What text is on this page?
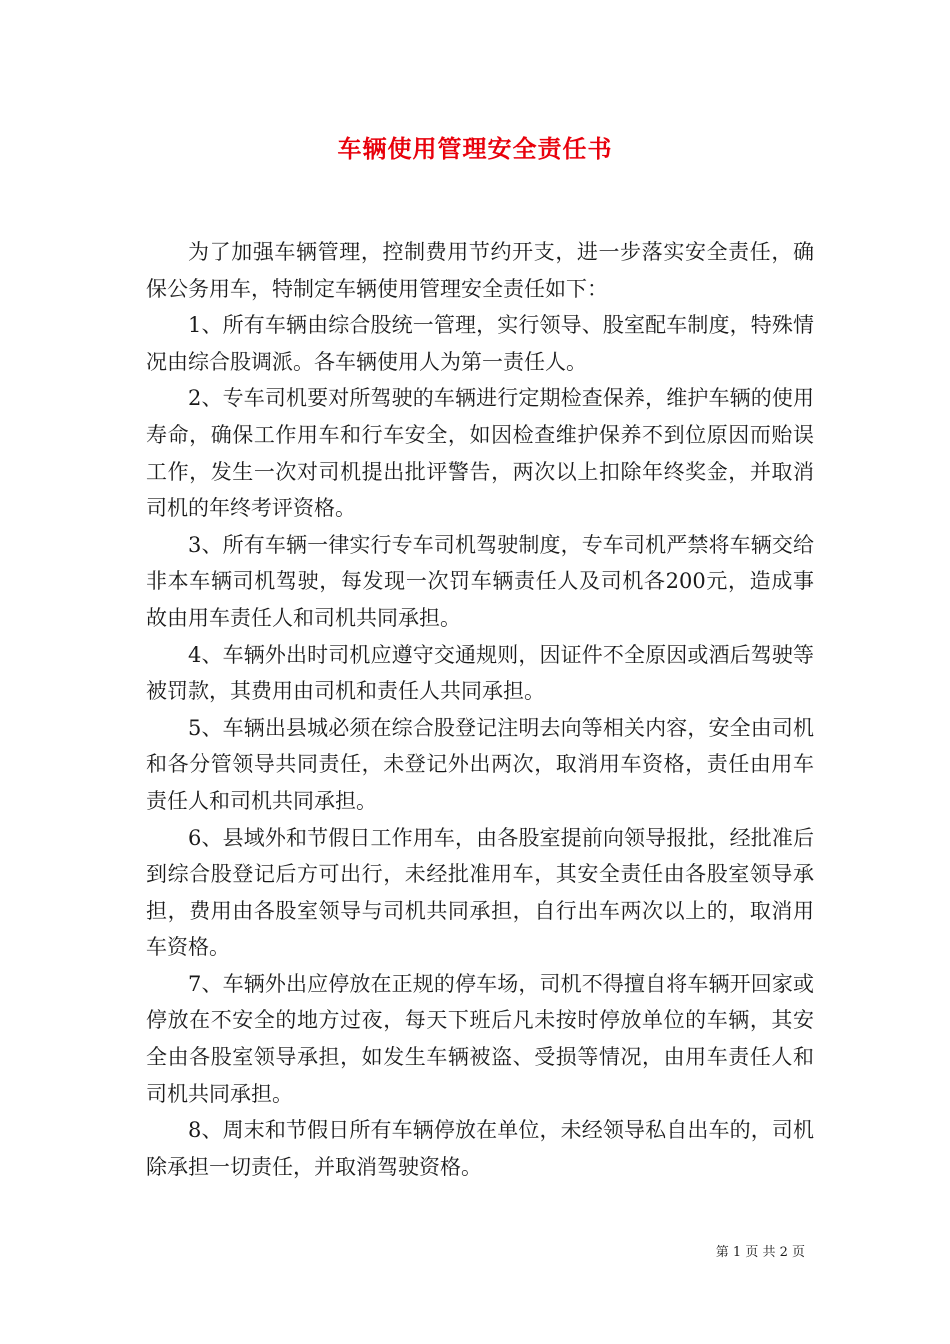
车辆使用管理安全责任书

为了加强车辆管理，控制费用节约开支，进一步落实安全责任，确保公务用车，特制定车辆使用管理安全责任如下：

1、所有车辆由综合股统一管理，实行领导、股室配车制度，特殊情况由综合股调派。各车辆使用人为第一责任人。

2、专车司机要对所驾驶的车辆进行定期检查保养，维护车辆的使用寿命，确保工作用车和行车安全，如因检查维护保养不到位原因而贻误工作，发生一次对司机提出批评警告，两次以上扣除年终奖金，并取消司机的年终考评资格。

3、所有车辆一律实行专车司机驾驶制度，专车司机严禁将车辆交给非本车辆司机驾驶，每发现一次罚车辆责任人及司机各200元，造成事故由用车责任人和司机共同承担。

4、车辆外出时司机应遵守交通规则，因证件不全原因或酒后驾驶等被罚款，其费用由司机和责任人共同承担。

5、车辆出县城必须在综合股登记注明去向等相关内容，安全由司机和各分管领导共同责任，未登记外出两次，取消用车资格，责任由用车责任人和司机共同承担。

6、县域外和节假日工作用车，由各股室提前向领导报批，经批准后到综合股登记后方可出行，未经批准用车，其安全责任由各股室领导承担，费用由各股室领导与司机共同承担，自行出车两次以上的，取消用车资格。

7、车辆外出应停放在正规的停车场，司机不得擅自将车辆开回家或停放在不安全的地方过夜，每天下班后凡未按时停放单位的车辆，其安全由各股室领导承担，如发生车辆被盗、受损等情况，由用车责任人和司机共同承担。

8、周末和节假日所有车辆停放在单位，未经领导私自出车的，司机除承担一切责任，并取消驾驶资格。

第 1 页 共 2 页
